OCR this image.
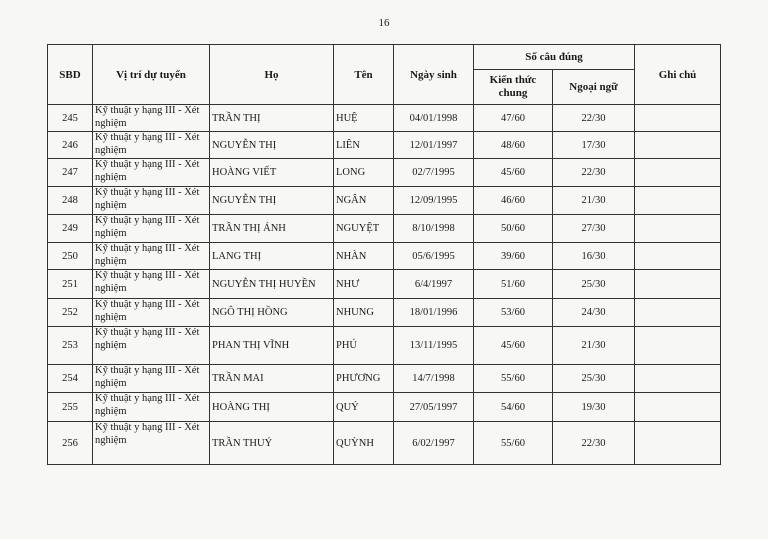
16
SBD	Vị trí dự tuyển	Họ	Tên	Ngày sinh	Số câu đúng		Ghi chú
					Kiến thức chung	Ngoại ngữ	
245	Kỹ thuật y hạng III - Xét nghiệm	TRẦN THỊ	HUỆ	04/01/1998	47/60	22/30	
246	Kỹ thuật y hạng III - Xét nghiệm	NGUYỄN THỊ	LIÊN	12/01/1997	48/60	17/30	
247	Kỹ thuật y hạng III - Xét nghiệm	HOÀNG VIẾT	LONG	02/7/1995	45/60	22/30	
248	Kỹ thuật y hạng III - Xét nghiệm	NGUYỄN THỊ	NGÂN	12/09/1995	46/60	21/30	
249	Kỹ thuật y hạng III - Xét nghiệm	TRẦN THỊ ÁNH	NGUYỆT	8/10/1998	50/60	27/30	
250	Kỹ thuật y hạng III - Xét nghiệm	LANG THỊ	NHÀN	05/6/1995	39/60	16/30	
251	Kỹ thuật y hạng III - Xét nghiệm	NGUYỄN THỊ HUYỀN	NHƯ	6/4/1997	51/60	25/30	
252	Kỹ thuật y hạng III - Xét nghiệm	NGÔ THỊ HỒNG	NHUNG	18/01/1996	53/60	24/30	
253	Kỹ thuật y hạng III - Xét nghiệm	PHAN THỊ VĨNH	PHÚ	13/11/1995	45/60	21/30	
254	Kỹ thuật y hạng III - Xét nghiệm	TRẦN MAI	PHƯƠNG	14/7/1998	55/60	25/30	
255	Kỹ thuật y hạng III - Xét nghiệm	HOÀNG THỊ	QUÝ	27/05/1997	54/60	19/30	
256	Kỹ thuật y hạng III - Xét nghiệm	TRẦN THUÝ	QUỲNH	6/02/1997	55/60	22/30	
